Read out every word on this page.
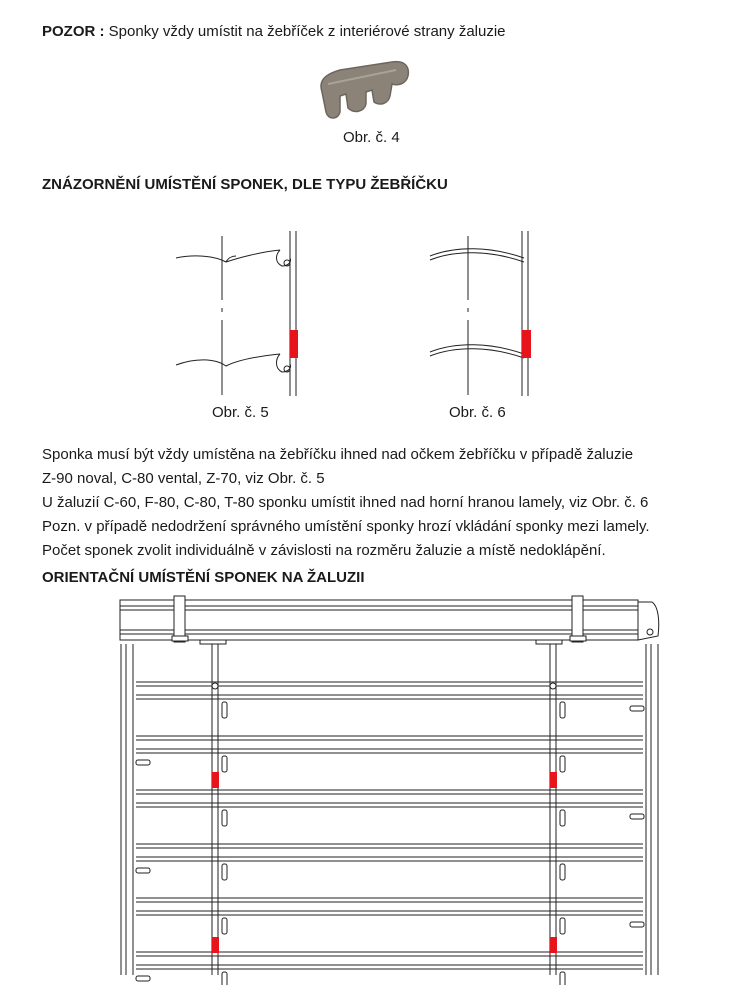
POZOR : Sponky vždy umístit na žebříček z interiérové strany žaluzie
Obr. č. 4
ZNÁZORNĚNÍ UMÍSTĚNÍ SPONEK, DLE TYPU ŽEBŘÍČKU
Obr. č. 5	Obr. č. 6

Sponka musí být vždy umístěna na žebříčku ihned nad očkem žebříčku v případě žaluzie

Z-90 noval, C-80 vental, Z-70, viz Obr. č. 5

U žaluzií C-60, F-80, C-80, T-80 sponku umístit ihned nad horní hranou lamely, viz Obr. č. 6

Pozn. v případě nedodržení správného umístění sponky hrozí vkládání sponky mezi lamely.

Počet sponek zvolit individuálně v závislosti na rozměru žaluzie a místě nedoklápění.

ORIENTAČNÍ UMÍSTĚNÍ SPONEK NA ŽALUZII
